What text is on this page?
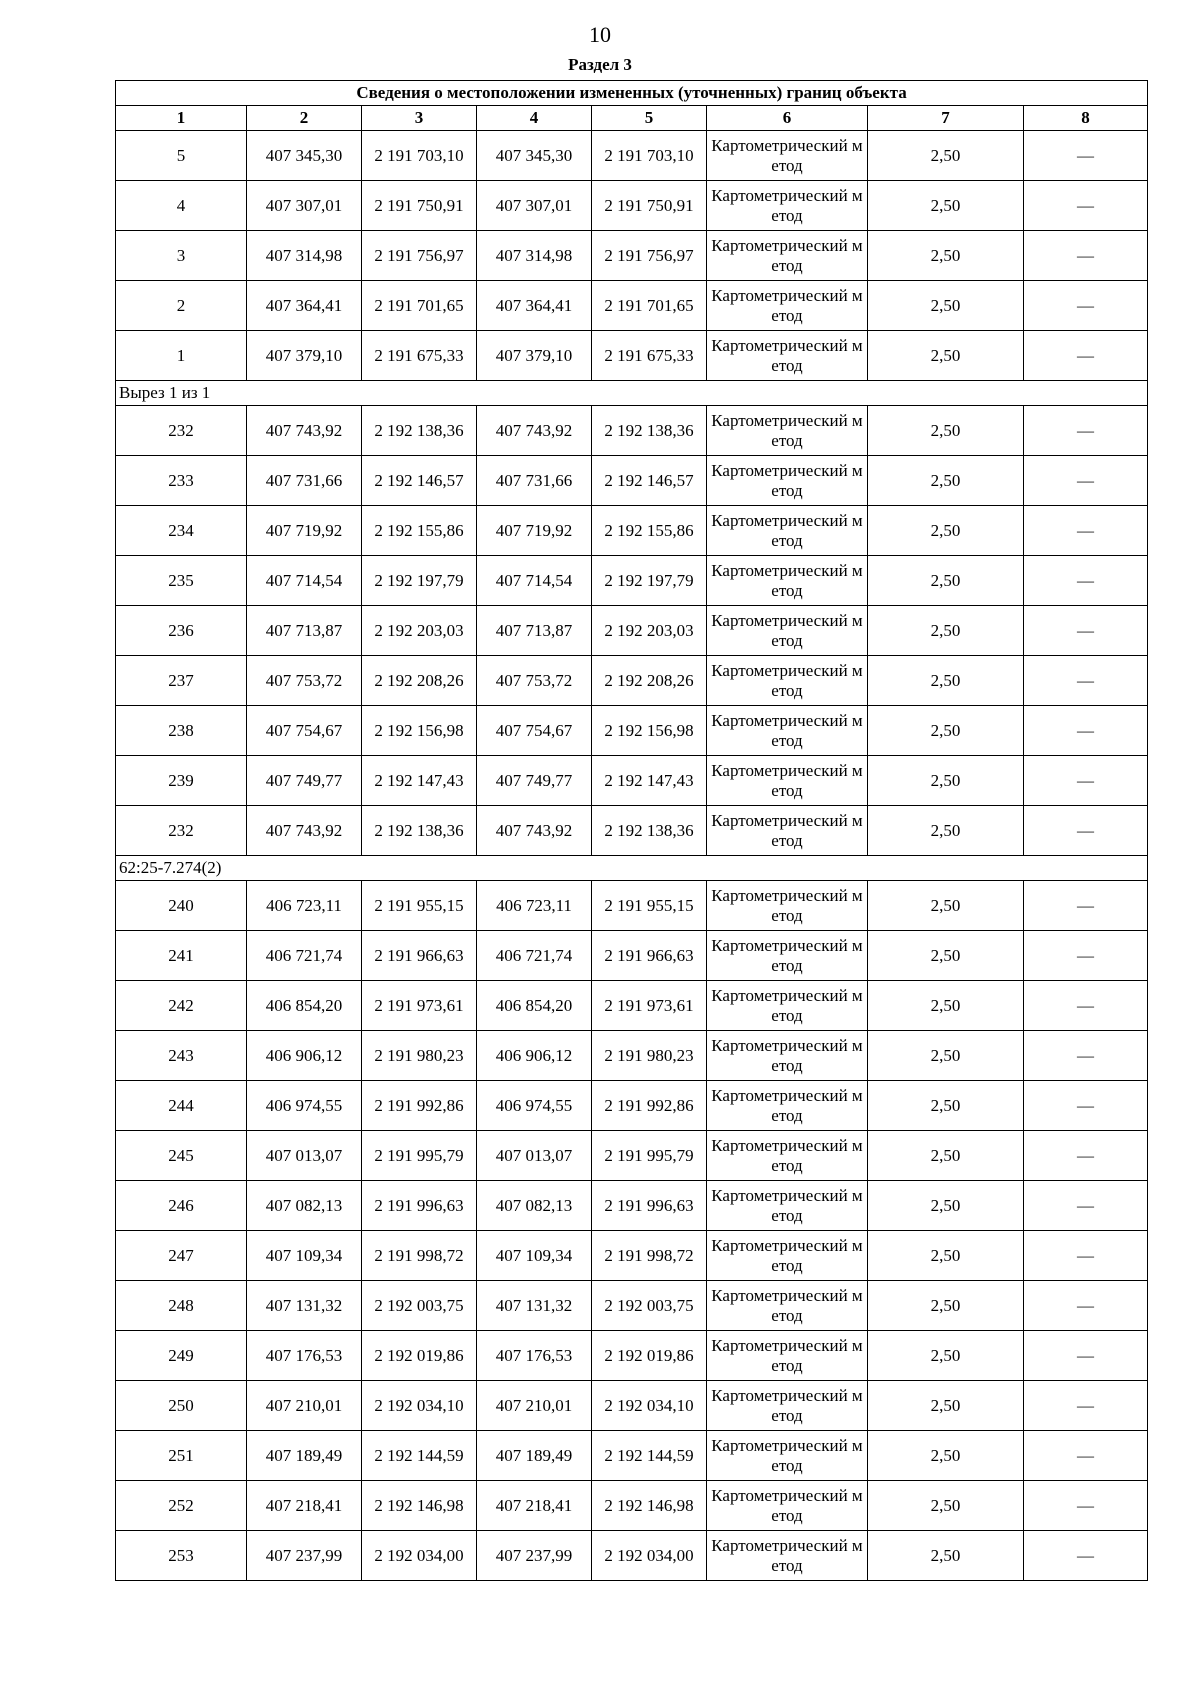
10
Раздел 3
Сведения о местоположении измененных (уточненных) границ объекта							
1	2	3	4	5	6	7	8
5	407 345,30	2 191 703,10	407 345,30	2 191 703,10	Картометрический метод	2,50	—
4	407 307,01	2 191 750,91	407 307,01	2 191 750,91	Картометрический метод	2,50	—
3	407 314,98	2 191 756,97	407 314,98	2 191 756,97	Картометрический метод	2,50	—
2	407 364,41	2 191 701,65	407 364,41	2 191 701,65	Картометрический метод	2,50	—
1	407 379,10	2 191 675,33	407 379,10	2 191 675,33	Картометрический метод	2,50	—
Вырез 1 из 1							
232	407 743,92	2 192 138,36	407 743,92	2 192 138,36	Картометрический метод	2,50	—
233	407 731,66	2 192 146,57	407 731,66	2 192 146,57	Картометрический метод	2,50	—
234	407 719,92	2 192 155,86	407 719,92	2 192 155,86	Картометрический метод	2,50	—
235	407 714,54	2 192 197,79	407 714,54	2 192 197,79	Картометрический метод	2,50	—
236	407 713,87	2 192 203,03	407 713,87	2 192 203,03	Картометрический метод	2,50	—
237	407 753,72	2 192 208,26	407 753,72	2 192 208,26	Картометрический метод	2,50	—
238	407 754,67	2 192 156,98	407 754,67	2 192 156,98	Картометрический метод	2,50	—
239	407 749,77	2 192 147,43	407 749,77	2 192 147,43	Картометрический метод	2,50	—
232	407 743,92	2 192 138,36	407 743,92	2 192 138,36	Картометрический метод	2,50	—
62:25-7.274(2)							
240	406 723,11	2 191 955,15	406 723,11	2 191 955,15	Картометрический метод	2,50	—
241	406 721,74	2 191 966,63	406 721,74	2 191 966,63	Картометрический метод	2,50	—
242	406 854,20	2 191 973,61	406 854,20	2 191 973,61	Картометрический метод	2,50	—
243	406 906,12	2 191 980,23	406 906,12	2 191 980,23	Картометрический метод	2,50	—
244	406 974,55	2 191 992,86	406 974,55	2 191 992,86	Картометрический метод	2,50	—
245	407 013,07	2 191 995,79	407 013,07	2 191 995,79	Картометрический метод	2,50	—
246	407 082,13	2 191 996,63	407 082,13	2 191 996,63	Картометрический метод	2,50	—
247	407 109,34	2 191 998,72	407 109,34	2 191 998,72	Картометрический метод	2,50	—
248	407 131,32	2 192 003,75	407 131,32	2 192 003,75	Картометрический метод	2,50	—
249	407 176,53	2 192 019,86	407 176,53	2 192 019,86	Картометрический метод	2,50	—
250	407 210,01	2 192 034,10	407 210,01	2 192 034,10	Картометрический метод	2,50	—
251	407 189,49	2 192 144,59	407 189,49	2 192 144,59	Картометрический метод	2,50	—
252	407 218,41	2 192 146,98	407 218,41	2 192 146,98	Картометрический метод	2,50	—
253	407 237,99	2 192 034,00	407 237,99	2 192 034,00	Картометрический метод	2,50	—
